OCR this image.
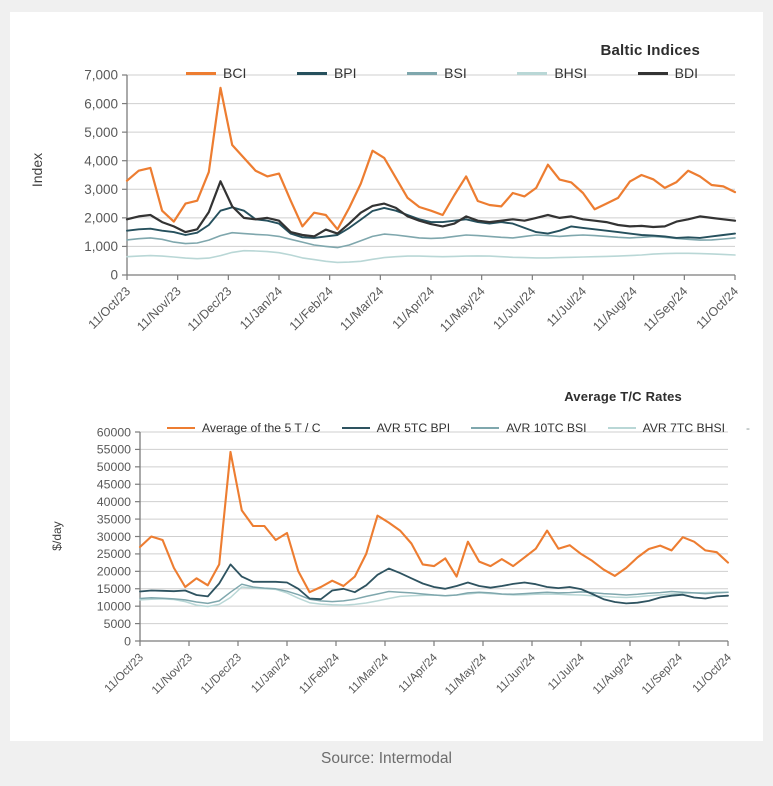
0
1,000
2,000
3,000
4,000
5,000
6,000
7,000
11/Oct/23 11/Nov/23 11/Dec/23 11/Jan/24 11/Feb/24 11/Mar/24 11/Apr/24 11/May/24 11/Jun/24 11/Jul/24 11/Aug/24 11/Sep/24 11/Oct/24
0
5000
10000
15000
20000
25000
30000
35000
40000
45000
50000
55000
60000
11/Oct/23 11/Nov/23 11/Dec/23 11/Jan/24 11/Feb/24 11/Mar/24 11/Apr/24 11/May/24 11/Jun/24 11/Jul/24 11/Aug/24 11/Sep/24 11/Oct/24
Baltic Indices
Index
BCI	BPI	BSI	BHSI	BDI
Average T/C Rates
$/day
Average of the 5 T / C	AVR 5TC BPI	AVR 10TC BSI	AVR 7TC BHSI -
Source: Intermodal
